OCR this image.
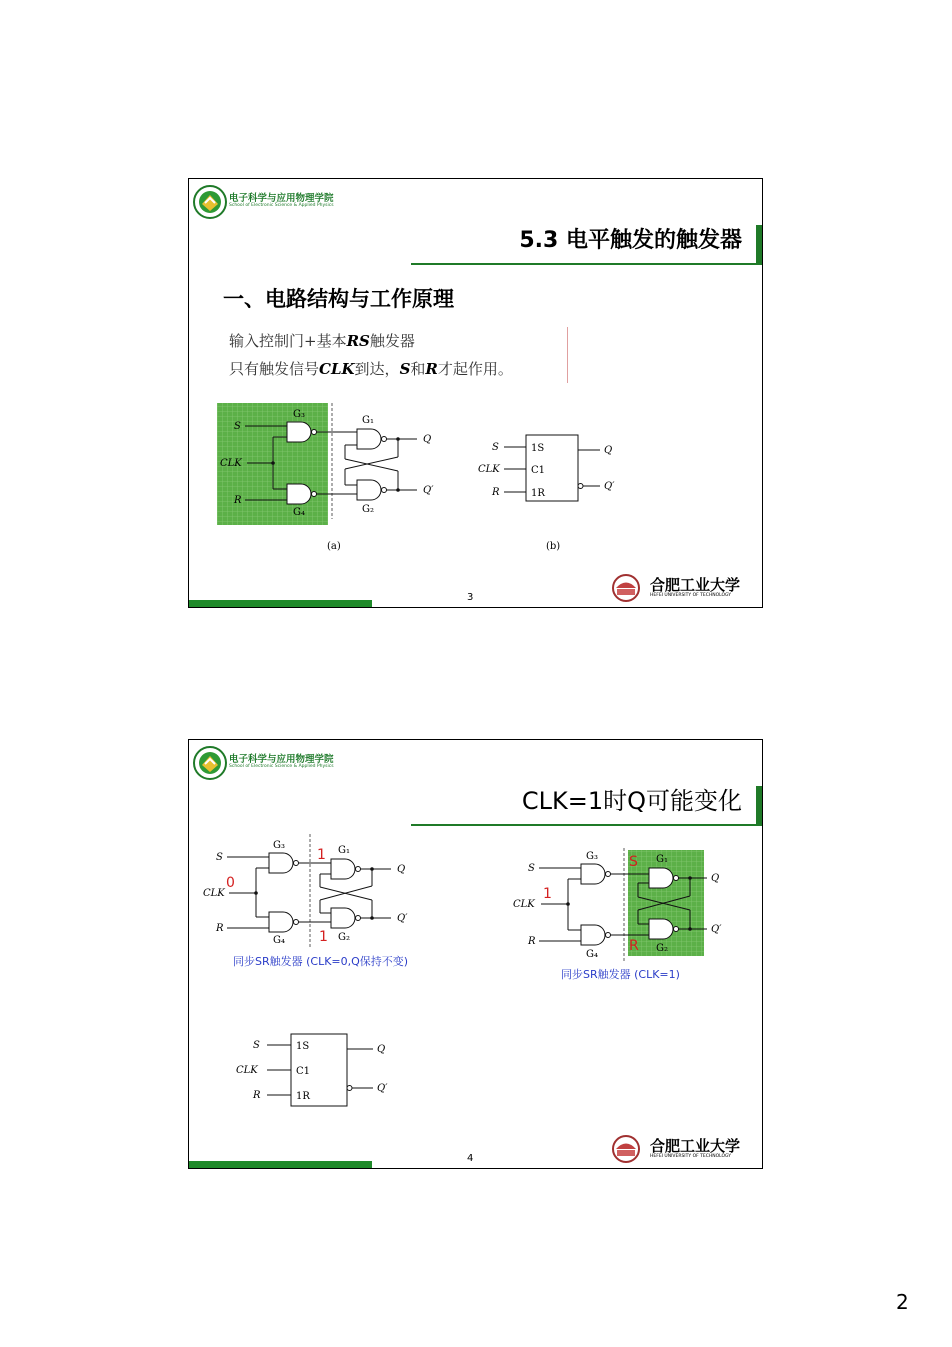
电子科学与应用物理学院
School of Electronic Science & Applied Physics
5.3 电平触发的触发器
一、电路结构与工作原理
输入控制门+基本RS触发器
只有触发信号CLK到达，S和R才起作用。
S
CLK
R
Q
Q′
G₃
G₄
G₁
G₂
(a)
1S
C1
1R
S
CLK
R
Q
Q′
(b)
3
合肥工业大学
HEFEI UNIVERSITY OF TECHNOLOGY
电子科学与应用物理学院
School of Electronic Science & Applied Physics
CLK=1时Q可能变化
S
CLK
R
Q
Q′
G₃
G₄
G₁
G₂
0
1
1
同步SR触发器 (CLK=0,Q保持不变)
S
CLK
R
Q
Q′
G₃
G₄
G₁
G₂
1
S
R
同步SR触发器 (CLK=1)
1S
C1
1R
S
CLK
R
Q
Q′
4
合肥工业大学
HEFEI UNIVERSITY OF TECHNOLOGY
2
